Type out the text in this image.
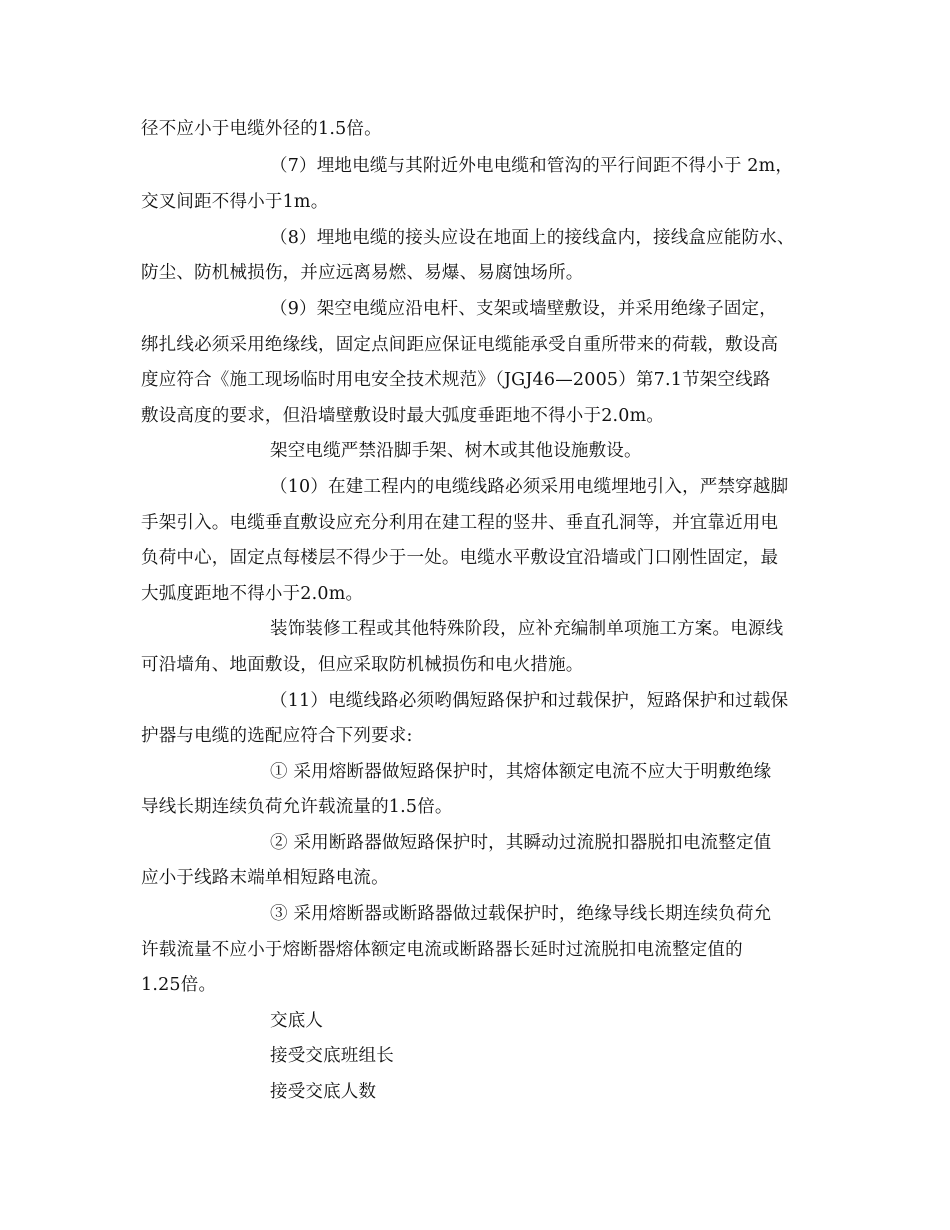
径不应小于电缆外径的1.5倍。
（7）埋地电缆与其附近外电电缆和管沟的平行间距不得小于 2m，
交叉间距不得小于1m。
（8）埋地电缆的接头应设在地面上的接线盒内，接线盒应能防水、
防尘、防机械损伤，并应远离易燃、易爆、易腐蚀场所。
（9）架空电缆应沿电杆、支架或墙壁敷设，并采用绝缘子固定，
绑扎线必须采用绝缘线，固定点间距应保证电缆能承受自重所带来的荷载，敷设高
度应符合《施工现场临时用电安全技术规范》（JGJ46—2005）第7.1节架空线路
敷设高度的要求，但沿墙壁敷设时最大弧度垂距地不得小于2.0m。
架空电缆严禁沿脚手架、树木或其他设施敷设。
（10）在建工程内的电缆线路必须采用电缆埋地引入，严禁穿越脚
手架引入。电缆垂直敷设应充分利用在建工程的竖井、垂直孔洞等，并宜靠近用电
负荷中心，固定点每楼层不得少于一处。电缆水平敷设宜沿墙或门口刚性固定，最
大弧度距地不得小于2.0m。
装饰装修工程或其他特殊阶段，应补充编制单项施工方案。电源线
可沿墙角、地面敷设，但应采取防机械损伤和电火措施。
（11）电缆线路必须哟偶短路保护和过载保护，短路保护和过载保
护器与电缆的选配应符合下列要求:
① 采用熔断器做短路保护时，其熔体额定电流不应大于明敷绝缘
导线长期连续负荷允许载流量的1.5倍。
② 采用断路器做短路保护时，其瞬动过流脱扣器脱扣电流整定值
应小于线路末端单相短路电流。
③ 采用熔断器或断路器做过载保护时，绝缘导线长期连续负荷允
许载流量不应小于熔断器熔体额定电流或断路器长延时过流脱扣电流整定值的
1.25倍。
交底人
接受交底班组长
接受交底人数
